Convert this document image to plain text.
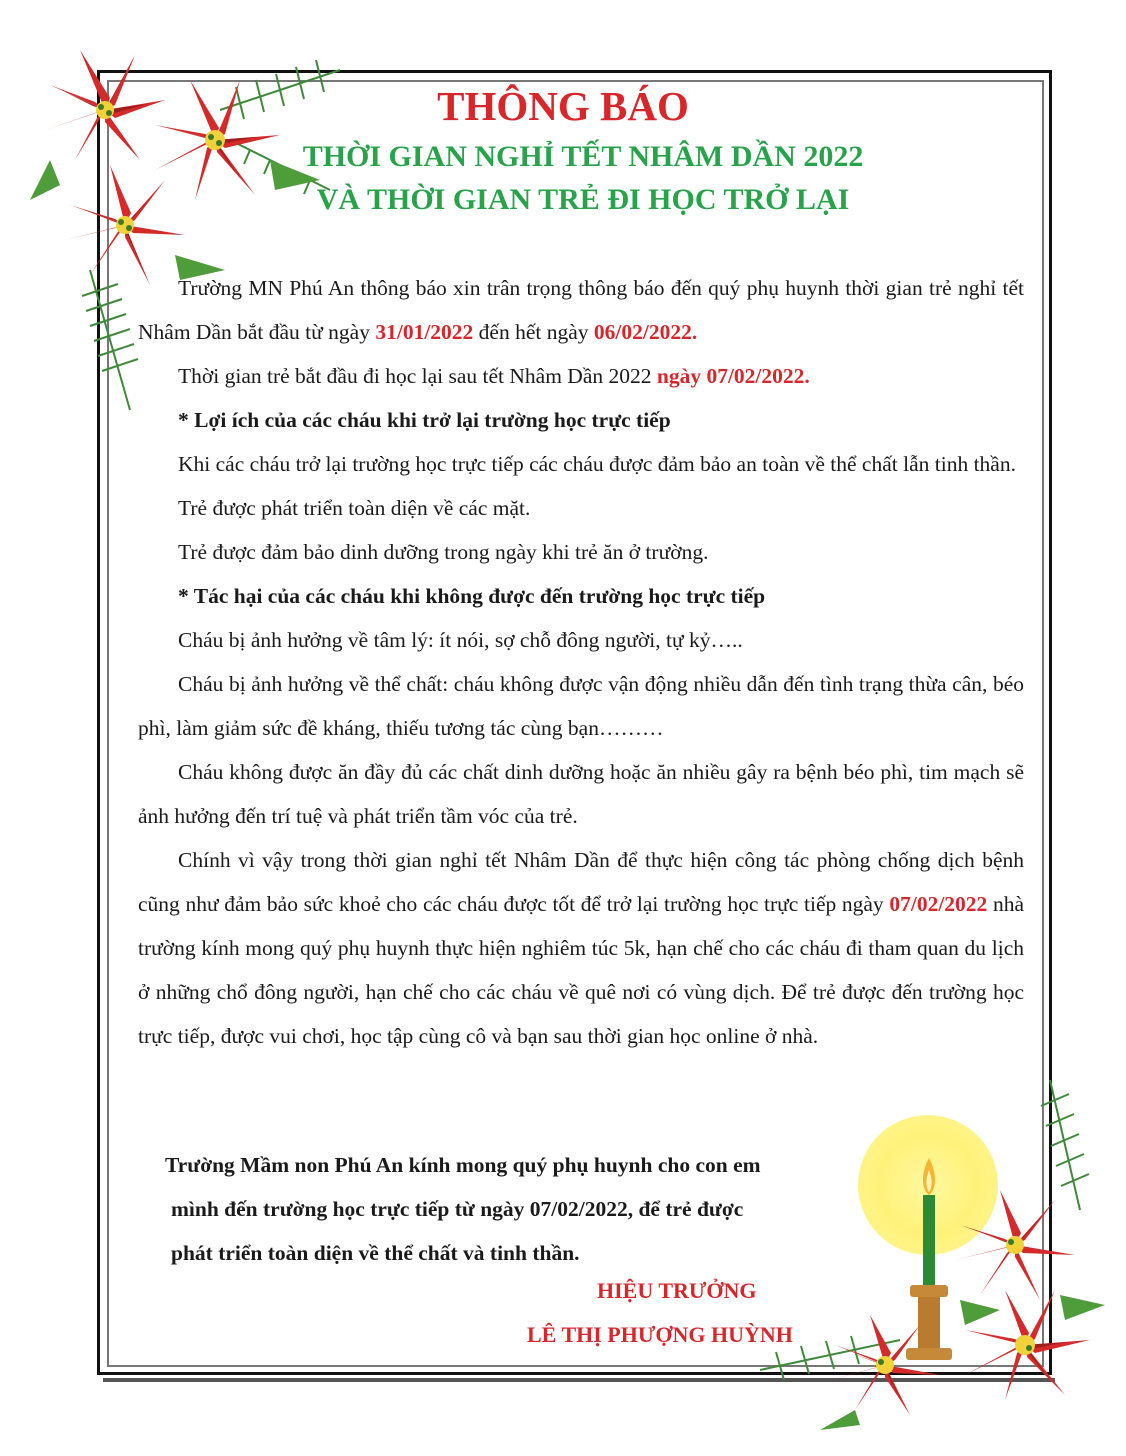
THÔNG BÁO
THỜI GIAN NGHỈ TẾT NHÂM DẦN 2022
VÀ THỜI GIAN TRẺ ĐI HỌC TRỞ LẠI

Trường MN Phú An thông báo xin trân trọng thông báo đến quý phụ huynh thời gian trẻ nghỉ tết Nhâm Dần bắt đầu từ ngày 31/01/2022 đến hết ngày 06/02/2022.

Thời gian trẻ bắt đầu đi học lại sau tết Nhâm Dần 2022 ngày 07/02/2022.

* Lợi ích của các cháu khi trở lại trường học trực tiếp

Khi các cháu trở lại trường học trực tiếp các cháu được đảm bảo an toàn về thể chất lẫn tinh thần.

Trẻ được phát triển toàn diện về các mặt.

Trẻ được đảm bảo dinh dưỡng trong ngày khi trẻ ăn ở trường.

* Tác hại của các cháu khi không được đến trường học trực tiếp

Cháu bị ảnh hưởng về tâm lý: ít nói, sợ chỗ đông người, tự kỷ…..

Cháu bị ảnh hưởng về thể chất: cháu không được vận động nhiều dẫn đến tình trạng thừa cân, béo phì, làm giảm sức đề kháng, thiếu tương tác cùng bạn………

Cháu không được ăn đầy đủ các chất dinh dưỡng hoặc ăn nhiều gây ra bệnh béo phì, tim mạch sẽ ảnh hưởng đến trí tuệ và phát triển tầm vóc của trẻ.

Chính vì vậy trong thời gian nghỉ tết Nhâm Dần để thực hiện công tác phòng chống dịch bệnh cũng như đảm bảo sức khoẻ cho các cháu được tốt để trở lại trường học trực tiếp ngày 07/02/2022 nhà trường kính mong quý phụ huynh thực hiện nghiêm túc 5k, hạn chế cho các cháu đi tham quan du lịch ở những chổ đông người, hạn chế cho các cháu về quê nơi có vùng dịch. Để trẻ được đến trường học trực tiếp, được vui chơi, học tập cùng cô và bạn sau thời gian học online ở nhà.

Trường Mầm non Phú An kính mong quý phụ huynh cho con em
mình đến trường học trực tiếp từ ngày 07/02/2022, để trẻ được
phát triển toàn diện về thể chất và tinh thần.
HIỆU TRƯỞNG
LÊ THỊ PHƯỢNG HUỲNH
